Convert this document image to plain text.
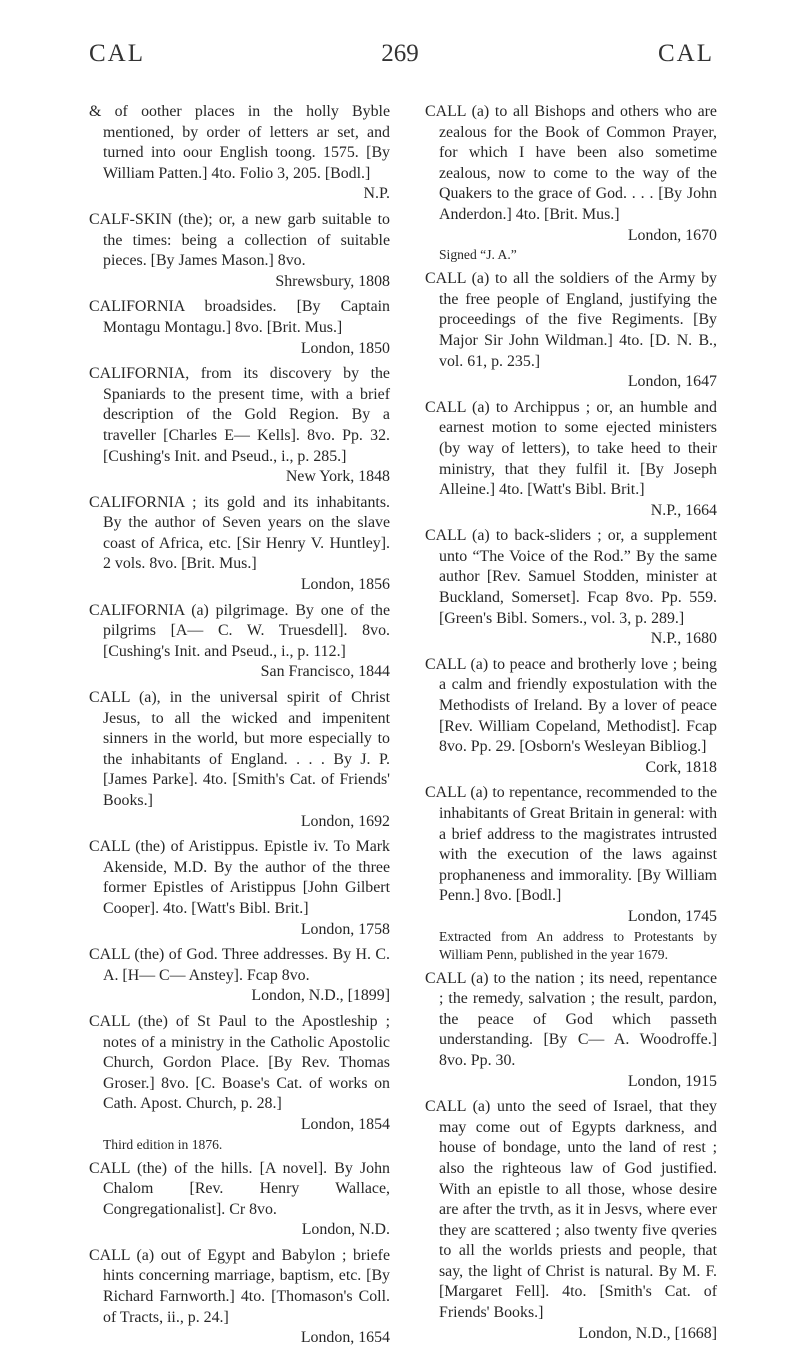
CAL	269	CAL
& of oother places in the holly Byble mentioned, by order of letters ar set, and turned into oour English toong. 1575. [By William Patten.] 4to. Folio 3, 205. [Bodl.]
N.P.
CALF-SKIN (the); or, a new garb suitable to the times: being a collection of suitable pieces. [By James Mason.] 8vo.
Shrewsbury, 1808
CALIFORNIA broadsides. [By Captain Montagu Montagu.] 8vo. [Brit. Mus.]
London, 1850
CALIFORNIA, from its discovery by the Spaniards to the present time, with a brief description of the Gold Region. By a traveller [Charles E— Kells]. 8vo. Pp. 32. [Cushing's Init. and Pseud., i., p. 285.]
New York, 1848
CALIFORNIA ; its gold and its inhabitants. By the author of Seven years on the slave coast of Africa, etc. [Sir Henry V. Huntley]. 2 vols. 8vo. [Brit. Mus.]
London, 1856
CALIFORNIA (a) pilgrimage. By one of the pilgrims [A— C. W. Truesdell]. 8vo. [Cushing's Init. and Pseud., i., p. 112.]
San Francisco, 1844
CALL (a), in the universal spirit of Christ Jesus, to all the wicked and impenitent sinners in the world, but more especially to the inhabitants of England. . . . By J. P. [James Parke]. 4to. [Smith's Cat. of Friends' Books.]
London, 1692
CALL (the) of Aristippus. Epistle iv. To Mark Akenside, M.D. By the author of the three former Epistles of Aristippus [John Gilbert Cooper]. 4to. [Watt's Bibl. Brit.]
London, 1758
CALL (the) of God. Three addresses. By H. C. A. [H— C— Anstey]. Fcap 8vo.
London, N.D., [1899]
CALL (the) of St Paul to the Apostleship ; notes of a ministry in the Catholic Apostolic Church, Gordon Place. [By Rev. Thomas Groser.] 8vo. [C. Boase's Cat. of works on Cath. Apost. Church, p. 28.]
London, 1854
Third edition in 1876.
CALL (the) of the hills. [A novel]. By John Chalom [Rev. Henry Wallace, Congregationalist]. Cr 8vo.
London, N.D.
CALL (a) out of Egypt and Babylon ; briefe hints concerning marriage, baptism, etc. [By Richard Farnworth.] 4to. [Thomason's Coll. of Tracts, ii., p. 24.]
London, 1654
CALL (a) to all Bishops and others who are zealous for the Book of Common Prayer, for which I have been also sometime zealous, now to come to the way of the Quakers to the grace of God. . . . [By John Anderdon.] 4to. [Brit. Mus.]
London, 1670
Signed “J. A.”
CALL (a) to all the soldiers of the Army by the free people of England, justifying the proceedings of the five Regiments. [By Major Sir John Wildman.] 4to. [D. N. B., vol. 61, p. 235.]
London, 1647
CALL (a) to Archippus ; or, an humble and earnest motion to some ejected ministers (by way of letters), to take heed to their ministry, that they fulfil it. [By Joseph Alleine.] 4to. [Watt's Bibl. Brit.]
N.P., 1664
CALL (a) to back-sliders ; or, a supplement unto “The Voice of the Rod.” By the same author [Rev. Samuel Stodden, minister at Buckland, Somerset]. Fcap 8vo. Pp. 559. [Green's Bibl. Somers., vol. 3, p. 289.]
N.P., 1680
CALL (a) to peace and brotherly love ; being a calm and friendly expostulation with the Methodists of Ireland. By a lover of peace [Rev. William Copeland, Methodist]. Fcap 8vo. Pp. 29. [Osborn's Wesleyan Bibliog.]
Cork, 1818
CALL (a) to repentance, recommended to the inhabitants of Great Britain in general: with a brief address to the magistrates intrusted with the execution of the laws against prophaneness and immorality. [By William Penn.] 8vo. [Bodl.]
London, 1745
Extracted from An address to Protestants by William Penn, published in the year 1679.
CALL (a) to the nation ; its need, repentance ; the remedy, salvation ; the result, pardon, the peace of God which passeth understanding. [By C— A. Woodroffe.] 8vo. Pp. 30.
London, 1915
CALL (a) unto the seed of Israel, that they may come out of Egypts darkness, and house of bondage, unto the land of rest ; also the righteous law of God justified. With an epistle to all those, whose desire are after the trvth, as it in Jesvs, where ever they are scattered ; also twenty five qveries to all the worlds priests and people, that say, the light of Christ is natural. By M. F. [Margaret Fell]. 4to. [Smith's Cat. of Friends' Books.]
London, N.D., [1668]
